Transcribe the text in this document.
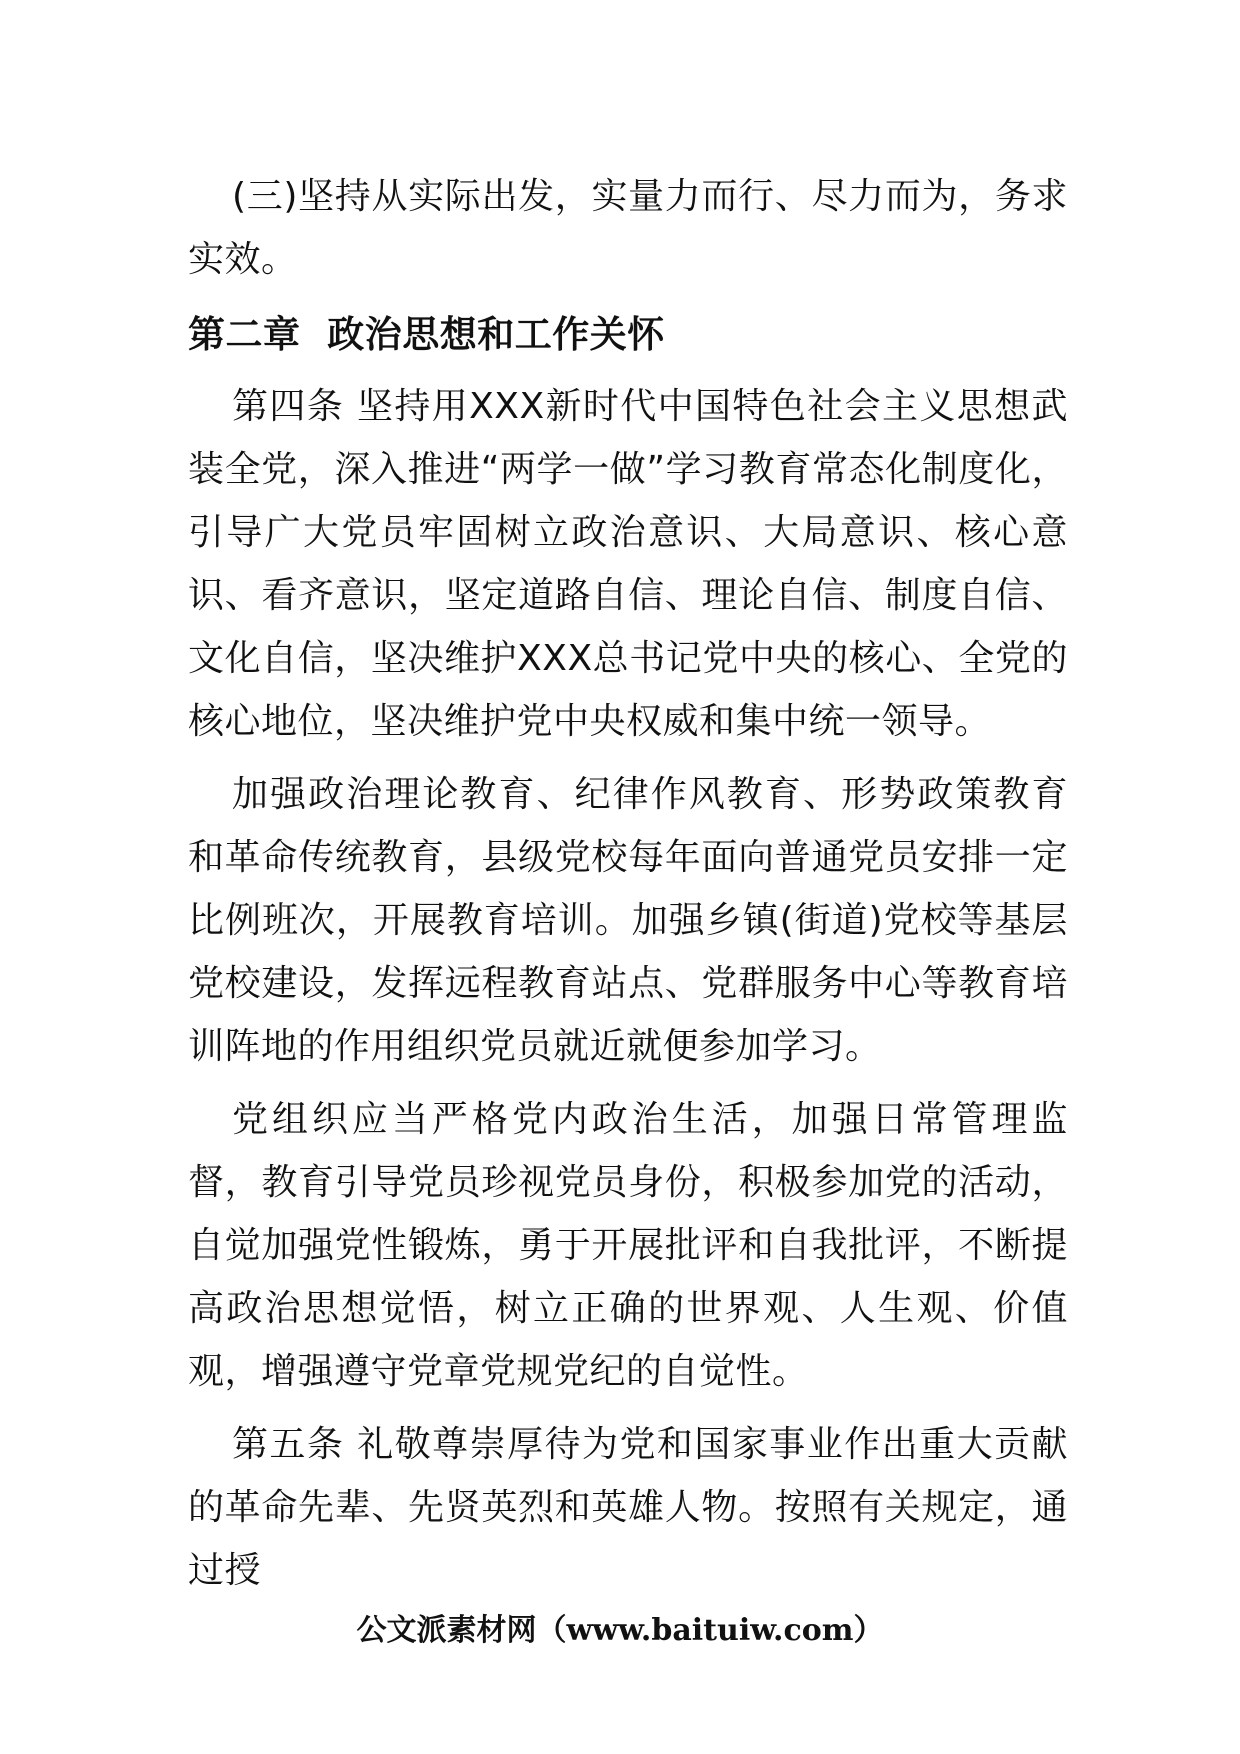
(三)坚持从实际出发，实量力而行、尽力而为，务求实效。

第二章  政治思想和工作关怀

第四条 坚持用XXX新时代中国特色社会主义思想武装全党，深入推进“两学一做”学习教育常态化制度化，引导广大党员牢固树立政治意识、大局意识、核心意识、看齐意识，坚定道路自信、理论自信、制度自信、文化自信，坚决维护XXX总书记党中央的核心、全党的核心地位，坚决维护党中央权威和集中统一领导。

加强政治理论教育、纪律作风教育、形势政策教育和革命传统教育，县级党校每年面向普通党员安排一定比例班次，开展教育培训。加强乡镇(街道)党校等基层党校建设，发挥远程教育站点、党群服务中心等教育培训阵地的作用组织党员就近就便参加学习。

党组织应当严格党内政治生活，加强日常管理监督，教育引导党员珍视党员身份，积极参加党的活动，自觉加强党性锻炼，勇于开展批评和自我批评，不断提高政治思想觉悟，树立正确的世界观、人生观、价值观，增强遵守党章党规党纪的自觉性。

第五条 礼敬尊崇厚待为党和国家事业作出重大贡献的革命先辈、先贤英烈和英雄人物。按照有关规定，通过授

公文派素材网（www.baituiw.com）
